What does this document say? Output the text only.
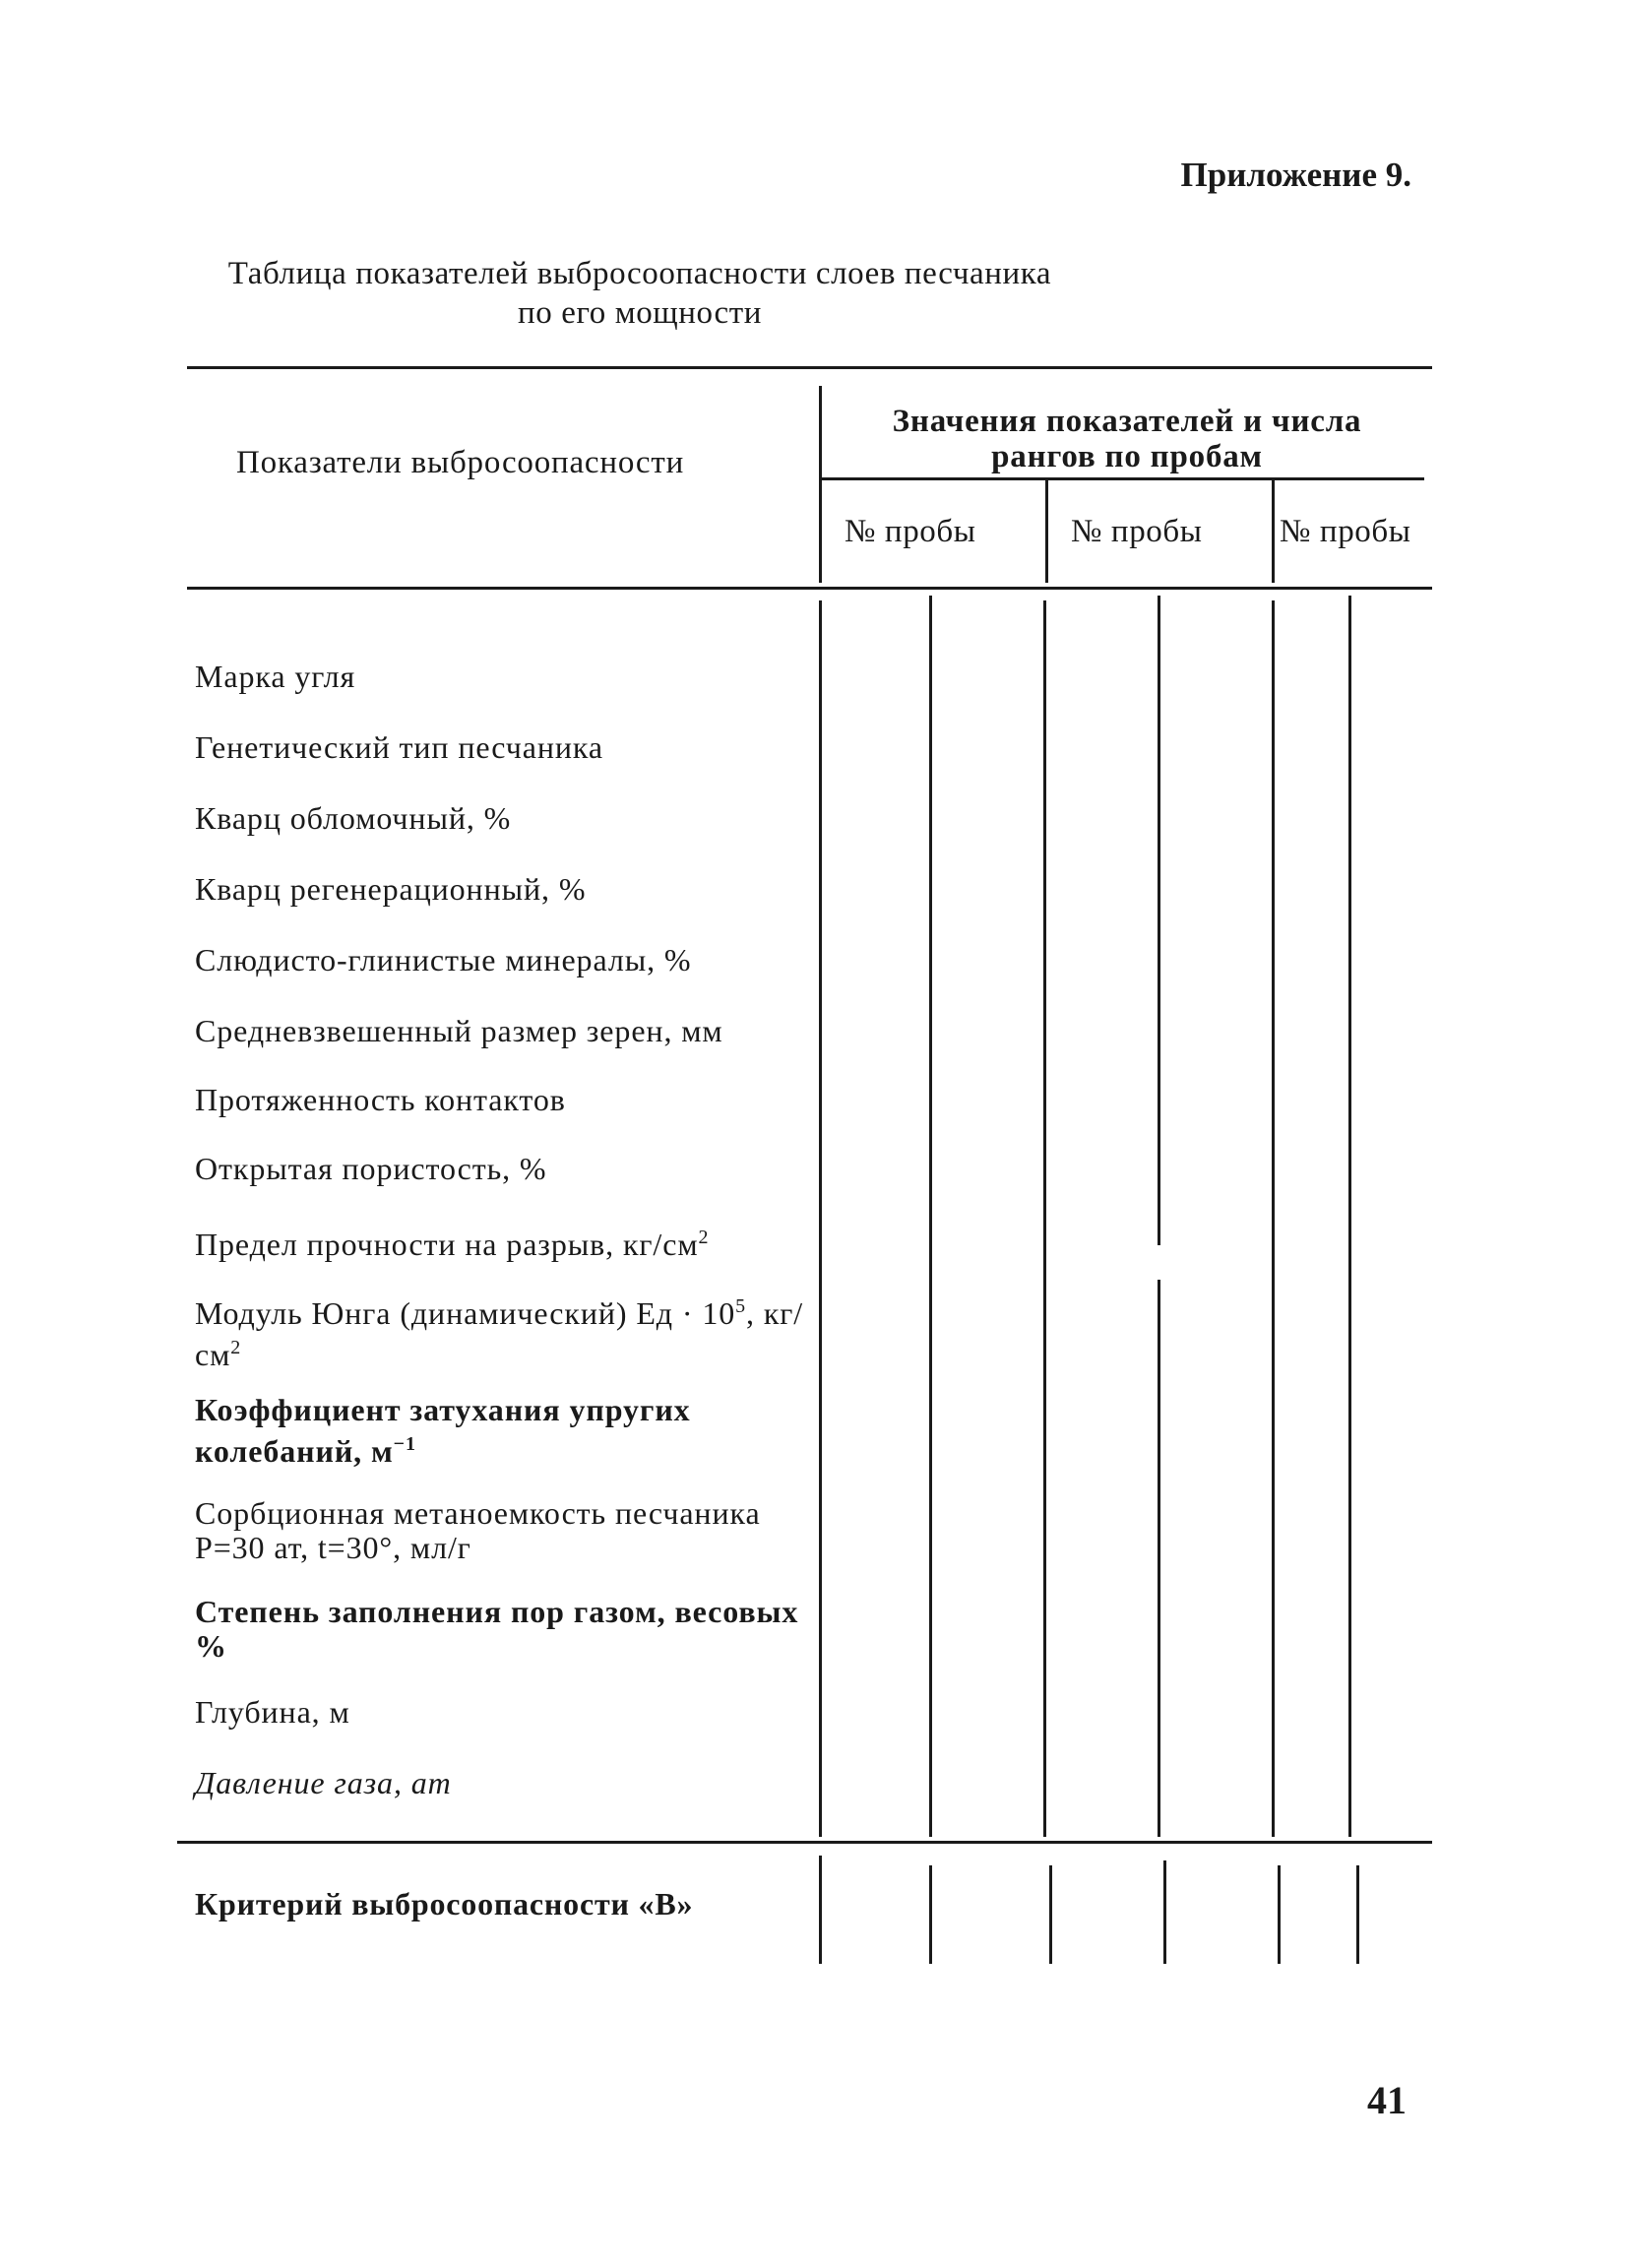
Приложение 9.
Таблица показателей выбросоопасности слоев песчаника
по его мощности
Показатели выбросоопасности
Значения показателей и числа
рангов по пробам
№ пробы	№ пробы № пробы
Марка угля
Генетический тип песчаника
Кварц обломочный, %
Кварц регенерационный, %
Слюдисто-глинистые минералы, %
Средневзвешенный размер зерен, мм
Протяженность контактов
Открытая пористость, %
Предел прочности на разрыв, $кг/см^2$
Модуль Юнга (динамический) Ед · $10^5$, $кг/см^2$
Коэффициент затухания упругих колебаний, $м^{-1}$
Сорбционная метаноемкость песчаника P=30 ат, t=30°, мл/г
Степень заполнения пор газом, весовых %
Глубина, м
Давление газа, ат
Критерий выбросоопасности «В»
41
